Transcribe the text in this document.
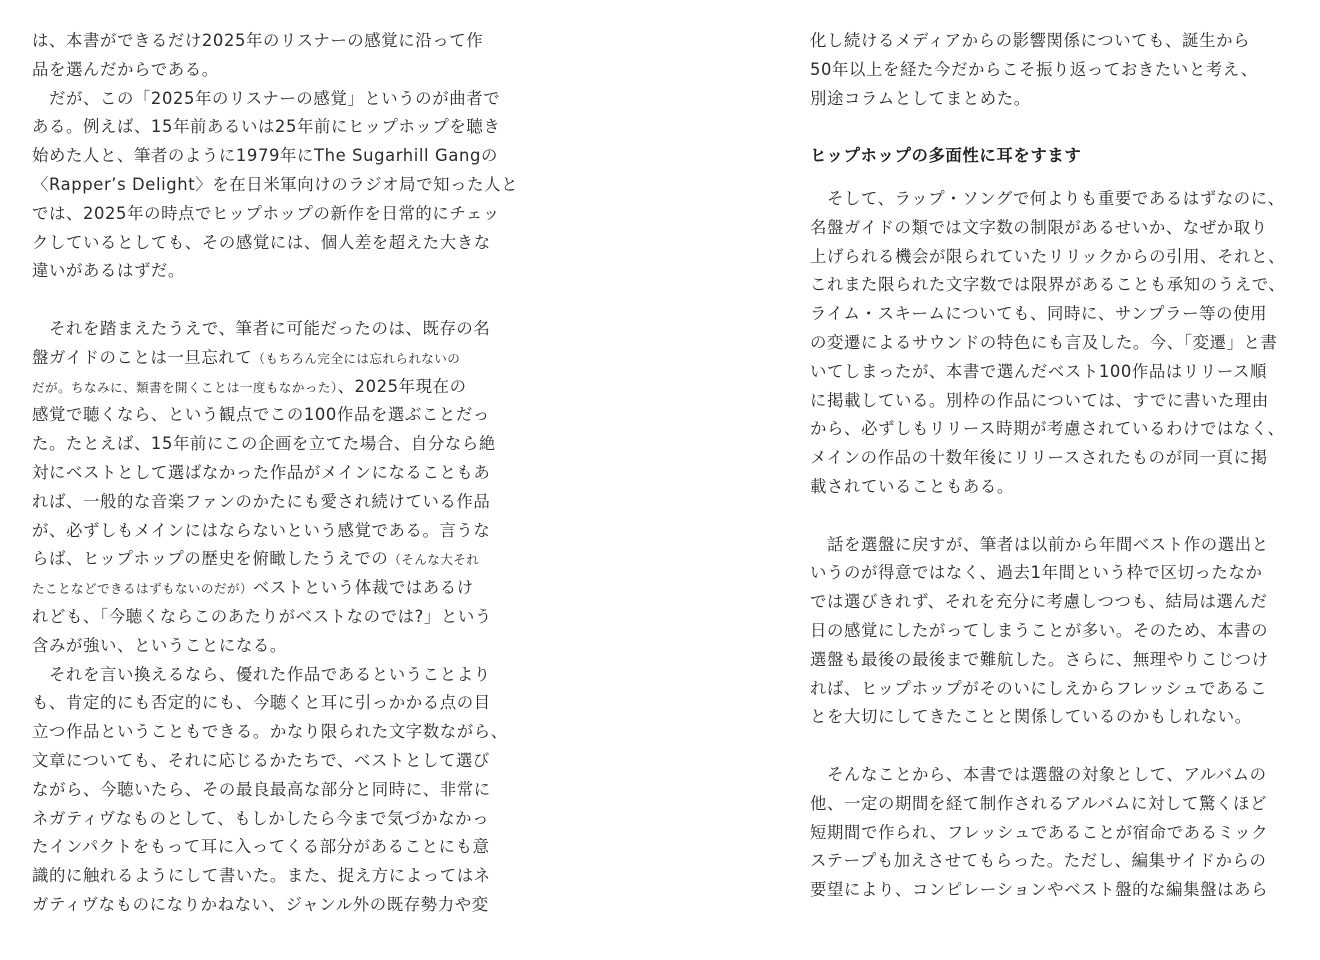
は、本書ができるだけ2025年のリスナーの感覚に沿って作
品を選んだからである。
　だが、この「2025年のリスナーの感覚」というのが曲者で
ある。例えば、15年前あるいは25年前にヒップホップを聴き
始めた人と、筆者のように1979年にThe Sugarhill Gangの
〈Rapper’s Delight〉を在日米軍向けのラジオ局で知った人と
では、2025年の時点でヒップホップの新作を日常的にチェッ
クしているとしても、その感覚には、個人差を超えた大きな
違いがあるはずだ。
　それを踏まえたうえで、筆者に可能だったのは、既存の名
盤ガイドのことは一旦忘れて（もちろん完全には忘れられないの
だが。ちなみに、類書を開くことは一度もなかった）、2025年現在の
感覚で聴くなら、という観点でこの100作品を選ぶことだっ
た。たとえば、15年前にこの企画を立てた場合、自分なら絶
対にベストとして選ばなかった作品がメインになることもあ
れば、一般的な音楽ファンのかたにも愛され続けている作品
が、必ずしもメインにはならないという感覚である。言うな
らば、ヒップホップの歴史を俯瞰したうえでの（そんな大それ
たことなどできるはずもないのだが）ベストという体裁ではあるけ
れども、「今聴くならこのあたりがベストなのでは?」という
含みが強い、ということになる。
　それを言い換えるなら、優れた作品であるということより
も、肯定的にも否定的にも、今聴くと耳に引っかかる点の目
立つ作品ということもできる。かなり限られた文字数ながら、
文章についても、それに応じるかたちで、ベストとして選び
ながら、今聴いたら、その最良最高な部分と同時に、非常に
ネガティヴなものとして、もしかしたら今まで気づかなかっ
たインパクトをもって耳に入ってくる部分があることにも意
識的に触れるようにして書いた。また、捉え方によってはネ
ガティヴなものになりかねない、ジャンル外の既存勢力や変
化し続けるメディアからの影響関係についても、誕生から
50年以上を経た今だからこそ振り返っておきたいと考え、
別途コラムとしてまとめた。
ヒップホップの多面性に耳をすます
　そして、ラップ・ソングで何よりも重要であるはずなのに、
名盤ガイドの類では文字数の制限があるせいか、なぜか取り
上げられる機会が限られていたリリックからの引用、それと、
これまた限られた文字数では限界があることも承知のうえで、
ライム・スキームについても、同時に、サンプラー等の使用
の変遷によるサウンドの特色にも言及した。今、「変遷」と書
いてしまったが、本書で選んだベスト100作品はリリース順
に掲載している。別枠の作品については、すでに書いた理由
から、必ずしもリリース時期が考慮されているわけではなく、
メインの作品の十数年後にリリースされたものが同一頁に掲
載されていることもある。
　話を選盤に戻すが、筆者は以前から年間ベスト作の選出と
いうのが得意ではなく、過去1年間という枠で区切ったなか
では選びきれず、それを充分に考慮しつつも、結局は選んだ
日の感覚にしたがってしまうことが多い。そのため、本書の
選盤も最後の最後まで難航した。さらに、無理やりこじつけ
れば、ヒップホップがそのいにしえからフレッシュであるこ
とを大切にしてきたことと関係しているのかもしれない。
　そんなことから、本書では選盤の対象として、アルバムの
他、一定の期間を経て制作されるアルバムに対して驚くほど
短期間で作られ、フレッシュであることが宿命であるミック
ステープも加えさせてもらった。ただし、編集サイドからの
要望により、コンピレーションやベスト盤的な編集盤はあら
